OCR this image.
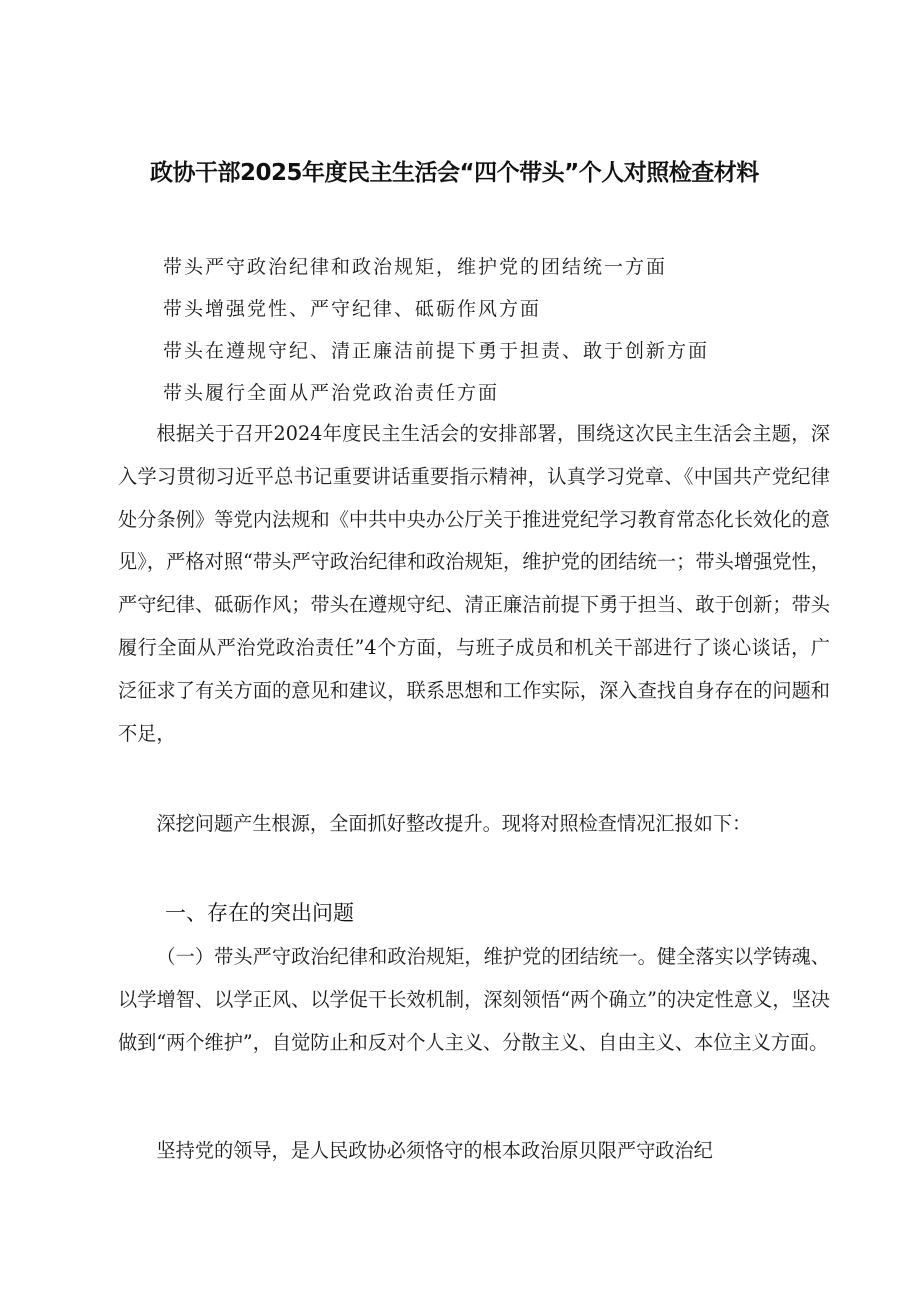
政协干部2025年度民主生活会“四个带头”个人对照检查材料
带头严守政治纪律和政治规矩，维护党的团结统一方面
带头增强党性、严守纪律、砥砺作风方面
带头在遵规守纪、清正廉洁前提下勇于担责、敢于创新方面
带头履行全面从严治党政治责任方面

根据关于召开2024年度民主生活会的安排部署，围绕这次民主生活会主题，深入学习贯彻习近平总书记重要讲话重要指示精神，认真学习党章、《中国共产党纪律处分条例》等党内法规和《中共中央办公厅关于推进党纪学习教育常态化长效化的意见》，严格对照“带头严守政治纪律和政治规矩，维护党的团结统一；带头增强党性，严守纪律、砥砺作风；带头在遵规守纪、清正廉洁前提下勇于担当、敢于创新；带头履行全面从严治党政治责任”4个方面，与班子成员和机关干部进行了谈心谈话，广泛征求了有关方面的意见和建议，联系思想和工作实际，深入查找自身存在的问题和不足，

深挖问题产生根源，全面抓好整改提升。现将对照检查情况汇报如下：

一、存在的突出问题

（一）带头严守政治纪律和政治规矩，维护党的团结统一。健全落实以学铸魂、以学增智、以学正风、以学促干长效机制，深刻领悟“两个确立”的决定性意义，坚决做到“两个维护”，自觉防止和反对个人主义、分散主义、自由主义、本位主义方面。

坚持党的领导，是人民政协必须恪守的根本政治原贝限严守政治纪
